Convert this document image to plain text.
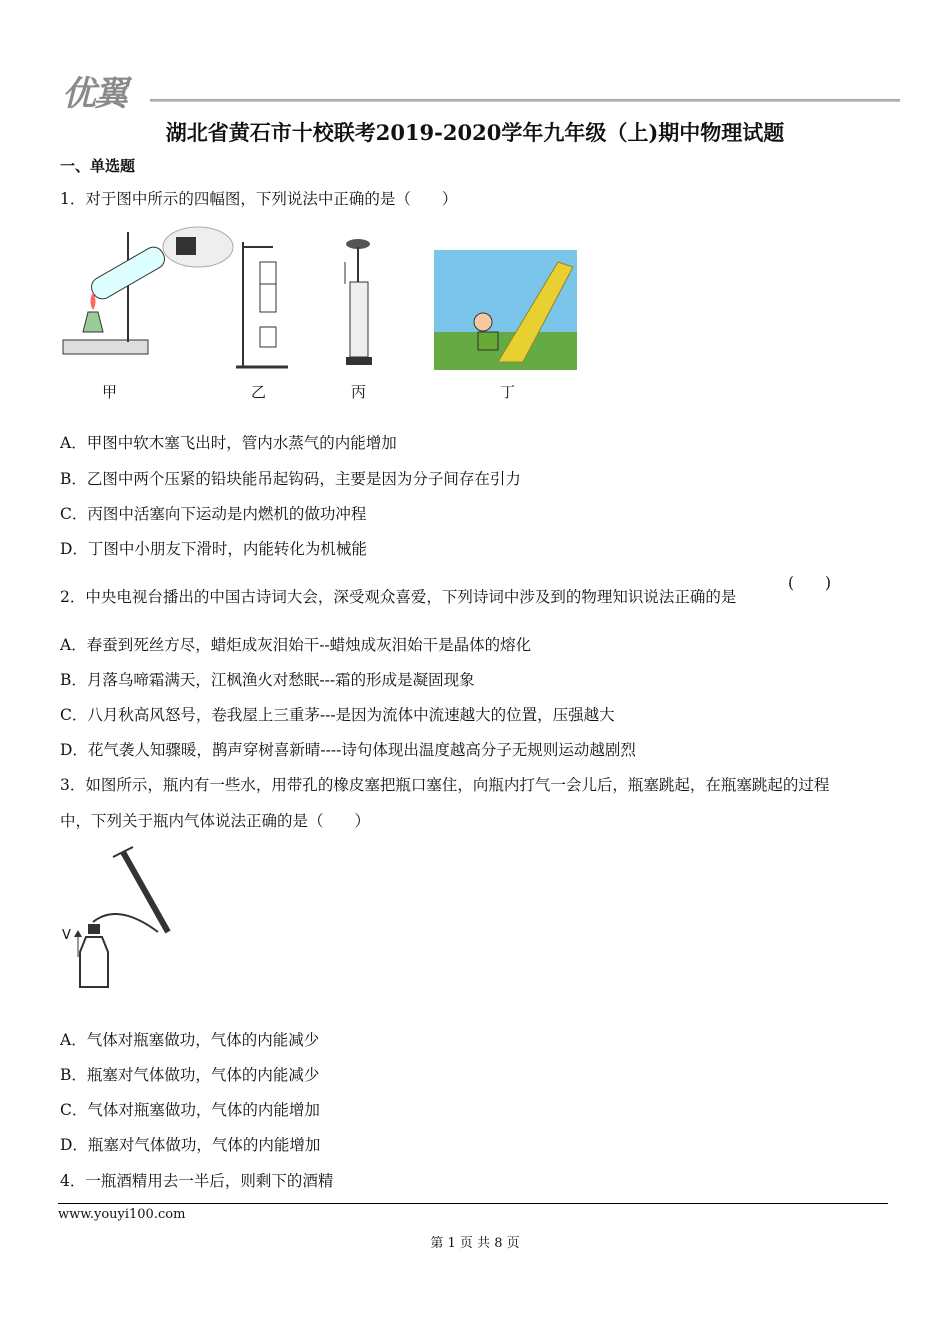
优翼
湖北省黄石市十校联考2019-2020学年九年级（上)期中物理试题
一、单选题
1．对于图中所示的四幅图，下列说法中正确的是（　　）
甲	乙	丙	丁
A．甲图中软木塞飞出时，管内水蒸气的内能增加
B．乙图中两个压紧的铅块能吊起钩码，主要是因为分子间存在引力
C．丙图中活塞向下运动是内燃机的做功冲程
D．丁图中小朋友下滑时，内能转化为机械能
2．中央电视台播出的中国古诗词大会，深受观众喜爱，下列诗词中涉及到的物理知识说法正确的是
(　　)
A．春蚕到死丝方尽，蜡炬成灰泪始干--蜡烛成灰泪始干是晶体的熔化
B．月落乌啼霜满天，江枫渔火对愁眠---霜的形成是凝固现象
C．八月秋高风怒号，卷我屋上三重茅---是因为流体中流速越大的位置，压强越大
D．花气袭人知骤暖，鹊声穿树喜新晴----诗句体现出温度越高分子无规则运动越剧烈
3．如图所示，瓶内有一些水，用带孔的橡皮塞把瓶口塞住，向瓶内打气一会儿后，瓶塞跳起，在瓶塞跳起的过程
中，下列关于瓶内气体说法正确的是（　　）
V
A．气体对瓶塞做功，气体的内能减少
B．瓶塞对气体做功，气体的内能减少
C．气体对瓶塞做功，气体的内能增加
D．瓶塞对气体做功，气体的内能增加
4．一瓶酒精用去一半后，则剩下的酒精
www.youyi100.com
第 1 页 共 8 页
